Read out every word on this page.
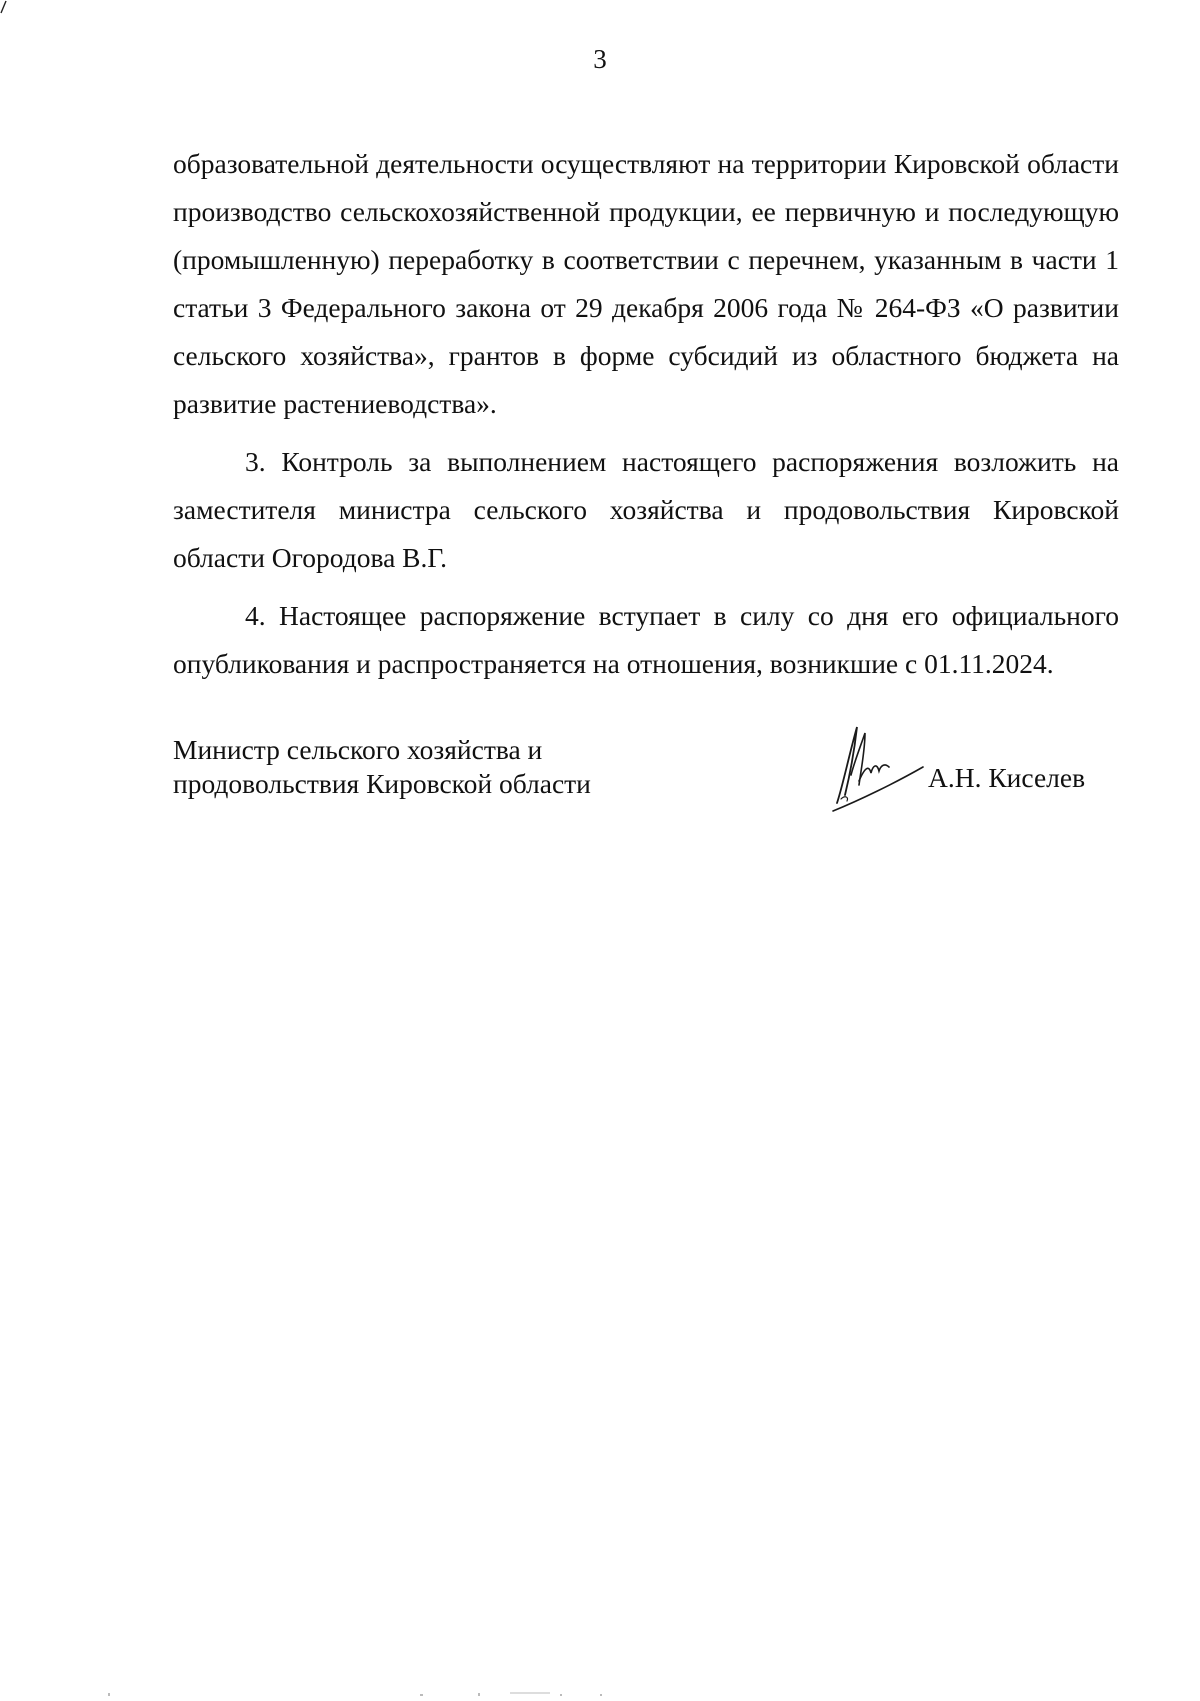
3

образовательной деятельности осуществляют на территории Кировской области производство сельскохозяйственной продукции, ее первичную и последующую (промышленную) переработку в соответствии с перечнем, указанным в части 1 статьи 3 Федерального закона от 29 декабря 2006 года № 264-ФЗ «О развитии сельского хозяйства», грантов в форме субсидий из областного бюджета на развитие растениеводства».

3. Контроль за выполнением настоящего распоряжения возложить на заместителя министра сельского хозяйства и продовольствия Кировской области Огородова В.Г.

4. Настоящее распоряжение вступает в силу со дня его официального опубликования и распространяется на отношения, возникшие с 01.11.2024.

Министр сельского хозяйства и
продовольствия Кировской области	А.Н. Киселев
